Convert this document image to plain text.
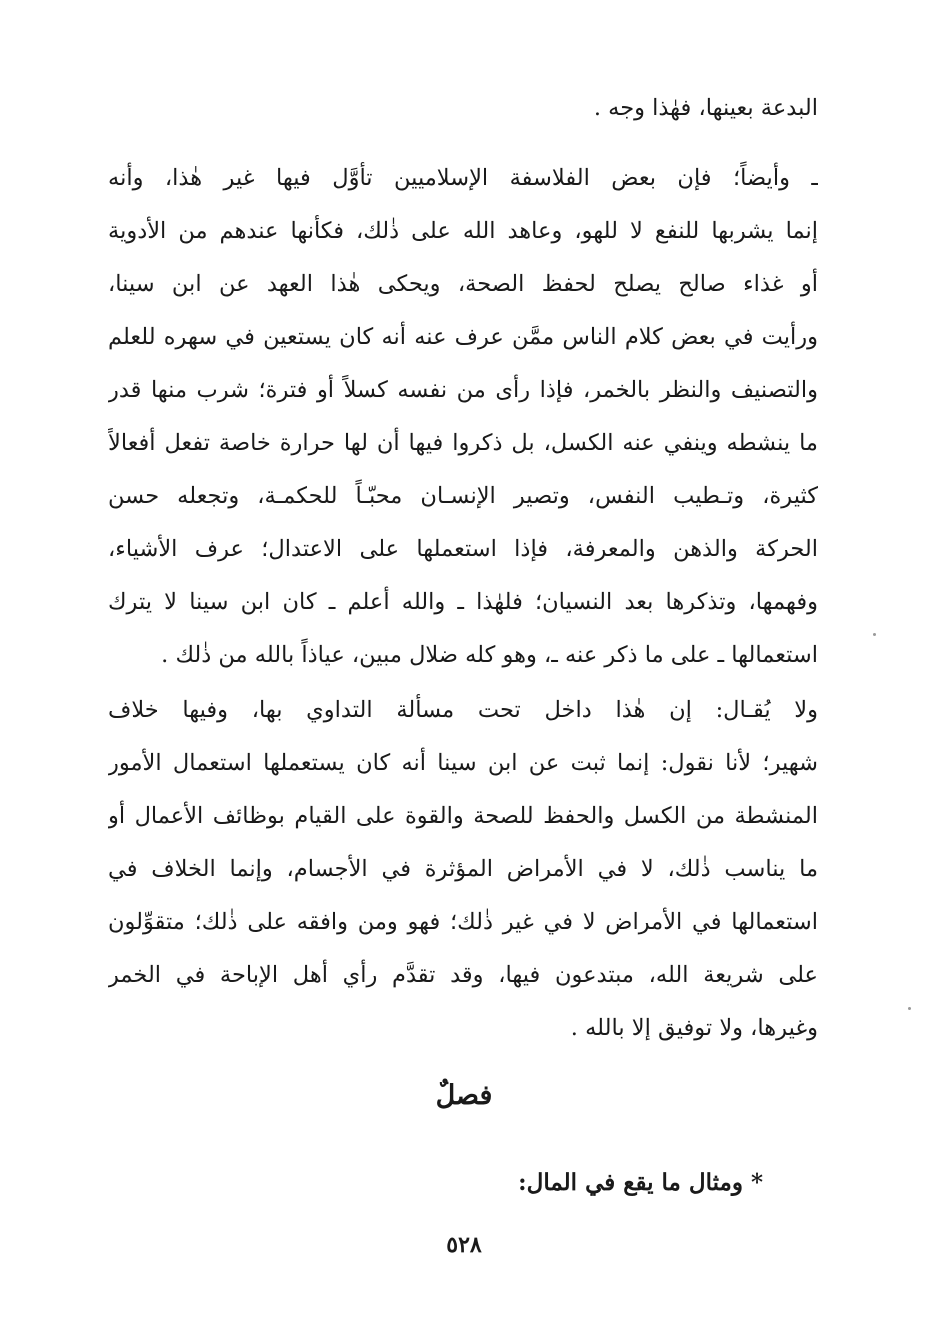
البدعة بعينها، فهٰذا وجه .
ـ وأيضاً؛ فإن بعض الفلاسفة الإسلاميين تأوَّل فيها غير هٰذا، وأنه
إنما يشربها للنفع لا للهو، وعاهد الله على ذٰلك، فكأنها عندهم من الأدوية
أو غذاء صالح يصلح لحفظ الصحة، ويحكى هٰذا العهد عن ابن سينا،
ورأيت في بعض كلام الناس ممَّن عرف عنه أنه كان يستعين في سهره للعلم
والتصنيف والنظر بالخمر، فإذا رأى من نفسه كسلاً أو فترة؛ شرب منها قدر
ما ينشطه وينفي عنه الكسل، بل ذكروا فيها أن لها حرارة خاصة تفعل أفعالاً
كثيرة، وتـطيب النفس، وتصير الإنسـان محبّـاً للحكمـة، وتجعله حسن
الحركة والذهن والمعرفة، فإذا استعملها على الاعتدال؛ عرف الأشياء،
وفهمها، وتذكرها بعد النسيان؛ فلهٰذا ـ والله أعلم ـ كان ابن سينا لا يترك
استعمالها ـ على ما ذكر عنه ـ، وهو كله ضلال مبين، عياذاً بالله من ذٰلك .
ولا يُقـال: إن هٰذا داخل تحت مسألة التداوي بها، وفيها خلاف
شهير؛ لأنا نقول: إنما ثبت عن ابن سينا أنه كان يستعملها استعمال الأمور
المنشطة من الكسل والحفظ للصحة والقوة على القيام بوظائف الأعمال أو
ما يناسب ذٰلك، لا في الأمراض المؤثرة في الأجسام، وإنما الخلاف في
استعمالها في الأمراض لا في غير ذٰلك؛ فهو ومن وافقه على ذٰلك؛ متقوِّلون
على شريعة الله، مبتدعون فيها، وقد تقدَّم رأي أهل الإباحة في الخمر
وغيرها، ولا توفيق إلا بالله .
فصلٌ
* ومثال ما يقع في المال:
٥٢٨
